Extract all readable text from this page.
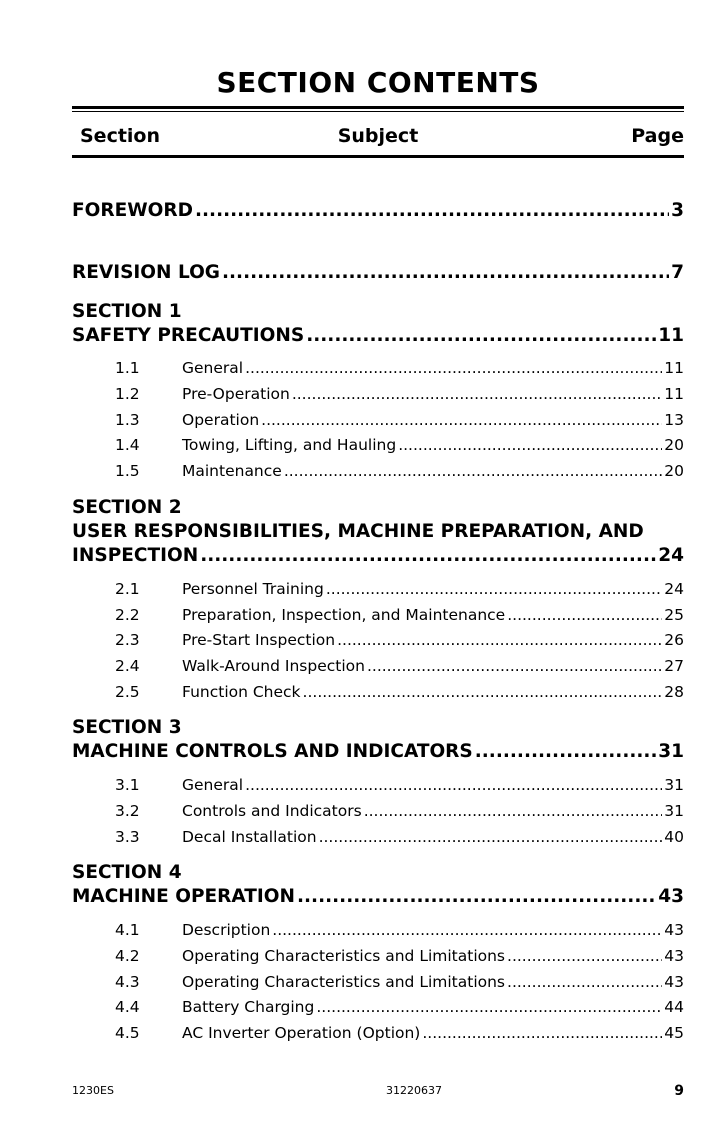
SECTION CONTENTS
Section	Subject	Page
FOREWORD .....	3
REVISION LOG .....	7
SECTION 1
SAFETY PRECAUTIONS .....	11
1.1	General .....	11
1.2	Pre-Operation .....	11
1.3	Operation .....	13
1.4	Towing, Lifting, and Hauling .....	20
1.5	Maintenance .....	20
SECTION 2
USER RESPONSIBILITIES, MACHINE PREPARATION, AND
INSPECTION .....	24
2.1	Personnel Training .....	24
2.2	Preparation, Inspection, and Maintenance .....	25
2.3	Pre-Start Inspection .....	26
2.4	Walk-Around Inspection .....	27
2.5	Function Check .....	28
SECTION 3
MACHINE CONTROLS AND INDICATORS .....	31
3.1	General .....	31
3.2	Controls and Indicators .....	31
3.3	Decal Installation .....	40
SECTION 4
MACHINE OPERATION .....	43
4.1	Description .....	43
4.2	Operating Characteristics and Limitations .....	43
4.3	Operating Characteristics and Limitations .....	43
4.4	Battery Charging .....	44
4.5	AC Inverter Operation (Option) .....	45
1230ES	31220637	9
